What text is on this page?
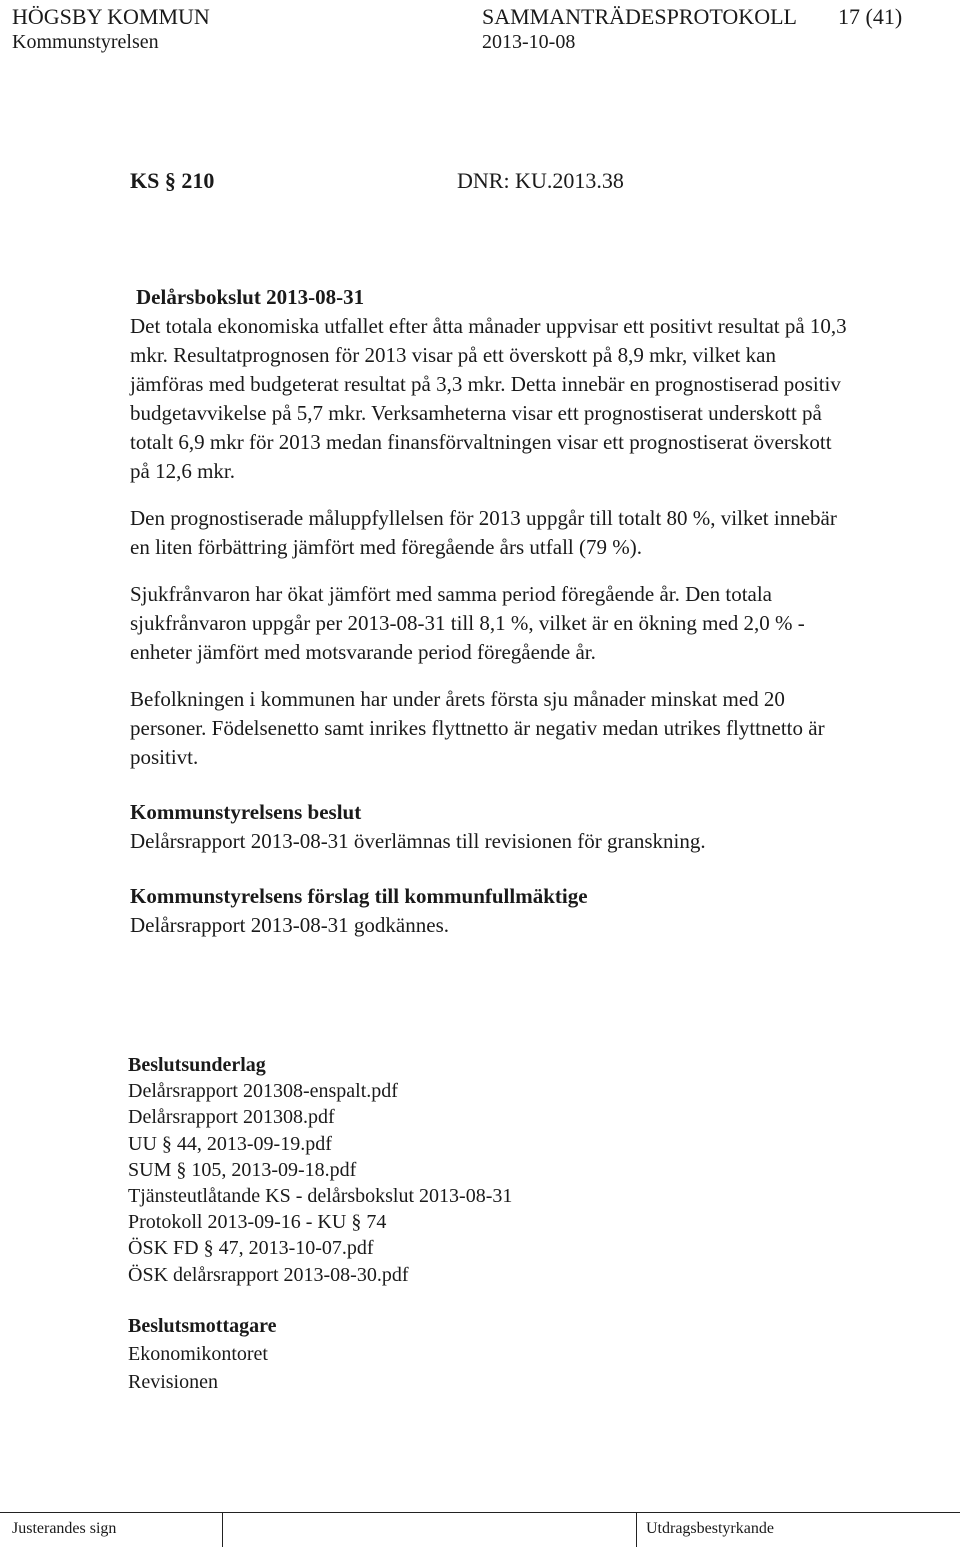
HÖGSBY KOMMUN	SAMMANTRÄDESPROTOKOLL 17 (41)
Kommunstyrelsen	2013-10-08
KS § 210	DNR: KU.2013.38

Delårsbokslut 2013-08-31

Det totala ekonomiska utfallet efter åtta månader uppvisar ett positivt resultat på 10,3 mkr. Resultatprognosen för 2013 visar på ett överskott på 8,9 mkr, vilket kan jämföras med budgeterat resultat på 3,3 mkr. Detta innebär en prognostiserad positiv budgetavvikelse på 5,7 mkr. Verksamheterna visar ett prognostiserat underskott på totalt 6,9 mkr för 2013 medan finansförvaltningen visar ett prognostiserat överskott på 12,6 mkr.

Den prognostiserade måluppfyllelsen för 2013 uppgår till totalt 80 %, vilket innebär en liten förbättring jämfört med föregående års utfall (79 %).

Sjukfrånvaron har ökat jämfört med samma period föregående år. Den totala sjukfrånvaron uppgår per 2013-08-31 till 8,1 %, vilket är en ökning med 2,0 % -enheter jämfört med motsvarande period föregående år.

Befolkningen i kommunen har under årets första sju månader minskat med 20 personer. Födelsenetto samt inrikes flyttnetto är negativ medan utrikes flyttnetto är positivt.

Kommunstyrelsens beslut

Delårsrapport 2013-08-31 överlämnas till revisionen för granskning.

Kommunstyrelsens förslag till kommunfullmäktige

Delårsrapport 2013-08-31 godkännes.

Beslutsunderlag
Delårsrapport 201308-enspalt.pdf
Delårsrapport 201308.pdf
UU § 44, 2013-09-19.pdf
SUM § 105, 2013-09-18.pdf
Tjänsteutlåtande KS - delårsbokslut 2013-08-31
Protokoll 2013-09-16 - KU § 74
ÖSK FD § 47, 2013-10-07.pdf
ÖSK delårsrapport 2013-08-30.pdf
Beslutsmottagare
Ekonomikontoret
Revisionen
Justerandes sign	Utdragsbestyrkande
